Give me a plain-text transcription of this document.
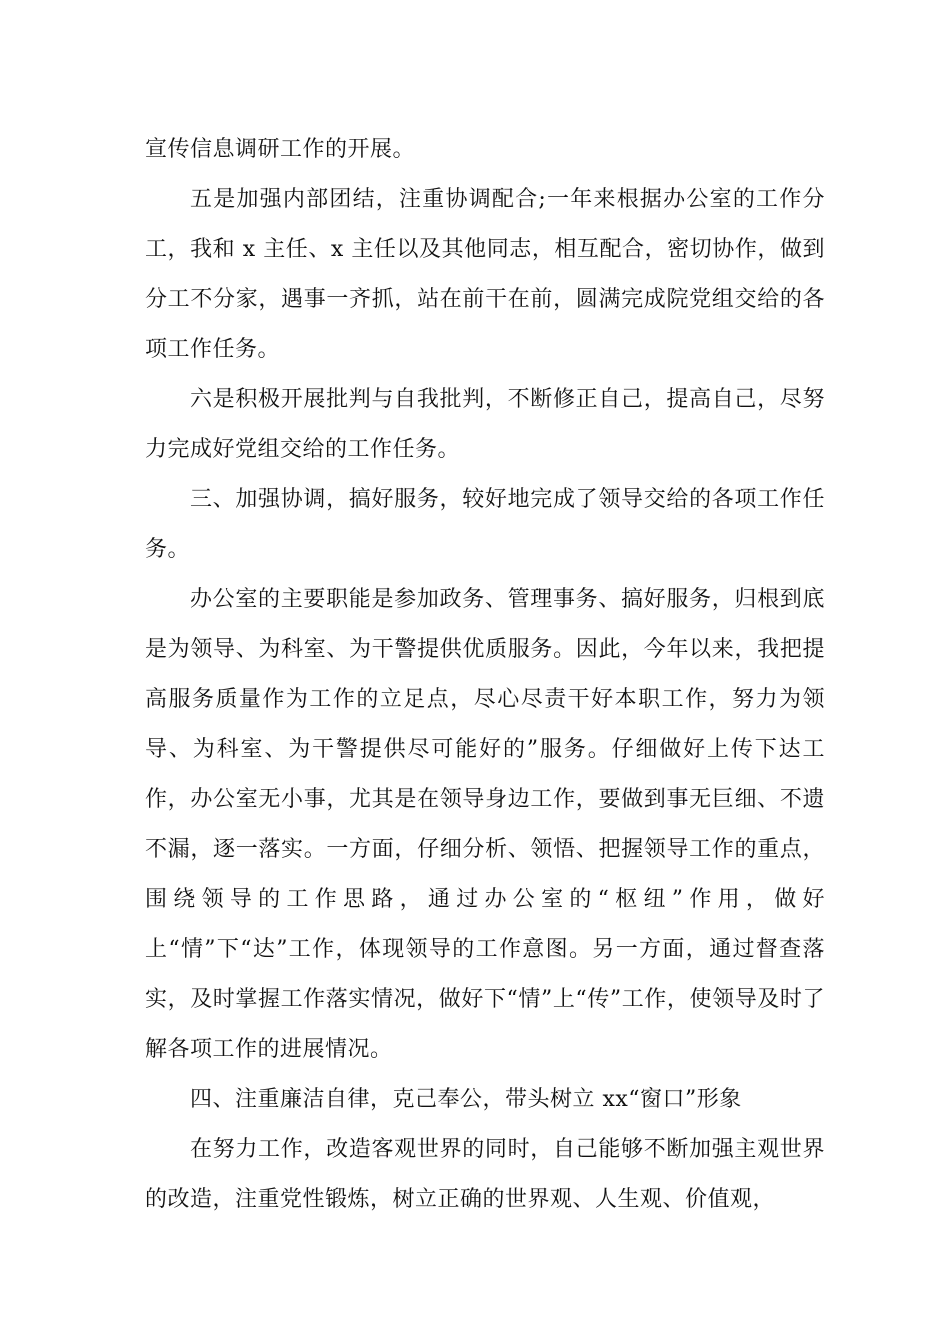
宣传信息调研工作的开展。

五是加强内部团结，注重协调配合;一年来根据办公室的工作分工，我和 x 主任、x 主任以及其他同志，相互配合，密切协作，做到分工不分家，遇事一齐抓，站在前干在前，圆满完成院党组交给的各项工作任务。

六是积极开展批判与自我批判，不断修正自己，提高自己，尽努力完成好党组交给的工作任务。

三、加强协调，搞好服务，较好地完成了领导交给的各项工作任务。

办公室的主要职能是参加政务、管理事务、搞好服务，归根到底是为领导、为科室、为干警提供优质服务。因此，今年以来，我把提高服务质量作为工作的立足点，尽心尽责干好本职工作，努力为领导、为科室、为干警提供尽可能好的”服务。仔细做好上传下达工作，办公室无小事，尤其是在领导身边工作，要做到事无巨细、不遗不漏，逐一落实。一方面，仔细分析、领悟、把握领导工作的重点，围绕领导的工作思路，通过办公室的“枢纽”作用，做好上“情”下“达”工作，体现领导的工作意图。另一方面，通过督查落实，及时掌握工作落实情况，做好下“情”上“传”工作，使领导及时了解各项工作的进展情况。

四、注重廉洁自律，克己奉公，带头树立 xx“窗口”形象

在努力工作，改造客观世界的同时，自己能够不断加强主观世界的改造，注重党性锻炼，树立正确的世界观、人生观、价值观，
